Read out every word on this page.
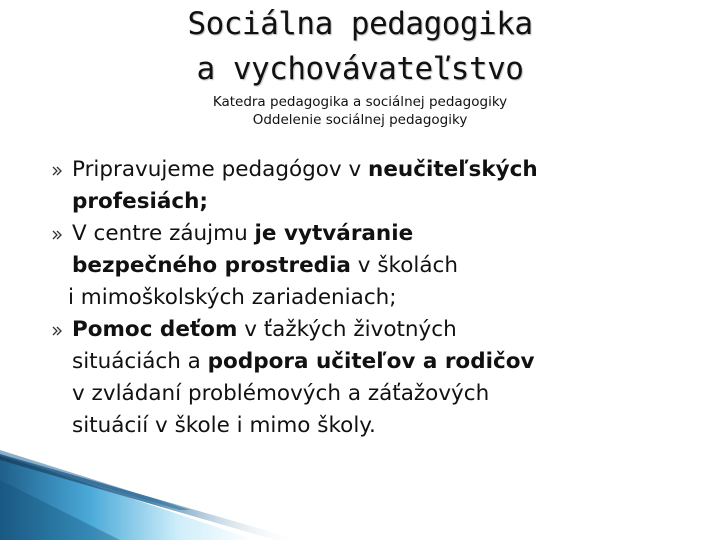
Sociálna pedagogika
a vychovávateľstvo
Katedra pedagogika a sociálnej pedagogiky
Oddelenie sociálnej pedagogiky
Pripravujeme pedagógov v neučiteľských
profesiách;
V centre záujmu je vytváranie
bezpečného prostredia v školách
i mimoškolských zariadeniach;
Pomoc deťom v ťažkých životných
situáciách a podpora učiteľov a rodičov
v zvládaní problémových a záťažových
situácií v škole i mimo školy.
